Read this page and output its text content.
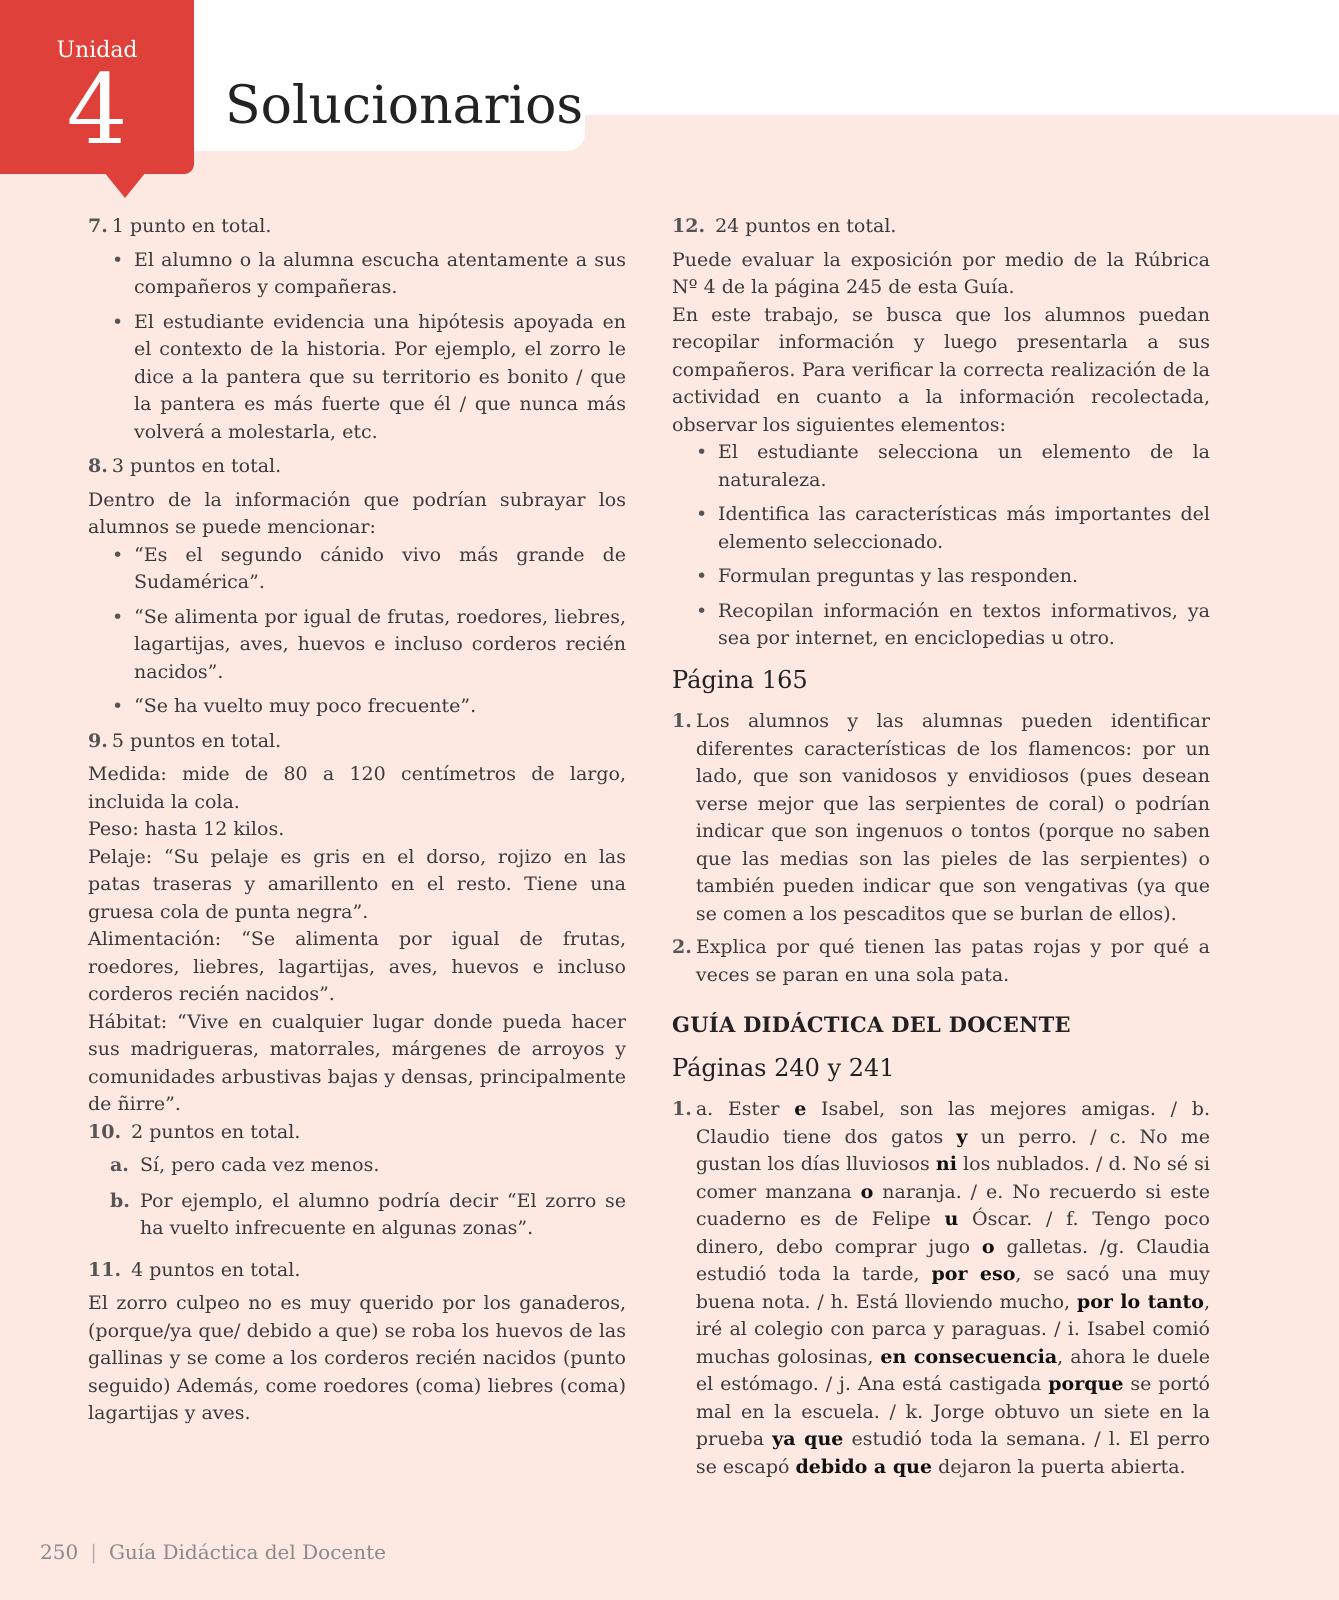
Unidad
4	Solucionarios
7. 1 punto en total.
• El alumno o la alumna escucha atentamente a sus compañeros y compañeras.
• El estudiante evidencia una hipótesis apoyada en el contexto de la historia. Por ejemplo, el zorro le dice a la pantera que su territorio es bonito / que la pantera es más fuerte que él / que nunca más volverá a molestarla, etc.
8. 3 puntos en total.

Dentro de la información que podrían subrayar los alumnos se puede mencionar:

• “Es el segundo cánido vivo más grande de Sudamérica”.
• “Se alimenta por igual de frutas, roedores, liebres, lagartijas, aves, huevos e incluso corderos recién nacidos”.
• “Se ha vuelto muy poco frecuente”.
9. 5 puntos en total.

Medida: mide de 80 a 120 centímetros de largo, incluida la cola.

Peso: hasta 12 kilos.

Pelaje: “Su pelaje es gris en el dorso, rojizo en las patas traseras y amarillento en el resto. Tiene una gruesa cola de punta negra”.

Alimentación: “Se alimenta por igual de frutas, roedores, liebres, lagartijas, aves, huevos e incluso corderos recién nacidos”.

Hábitat: “Vive en cualquier lugar donde pueda hacer sus madrigueras, matorrales, márgenes de arroyos y comunidades arbustivas bajas y densas, principalmente de ñirre”.

10. 2 puntos en total.
a. Sí, pero cada vez menos.
b. Por ejemplo, el alumno podría decir “El zorro se ha vuelto infrecuente en algunas zonas”.
11. 4 puntos en total.

El zorro culpeo no es muy querido por los ganaderos, (porque/ya que/ debido a que) se roba los huevos de las gallinas y se come a los corderos recién nacidos (punto seguido) Además, come roedores (coma) liebres (coma) lagartijas y aves.

12. 24 puntos en total.

Puede evaluar la exposición por medio de la Rúbrica Nº 4 de la página 245 de esta Guía.

En este trabajo, se busca que los alumnos puedan recopilar información y luego presentarla a sus compañeros. Para verificar la correcta realización de la actividad en cuanto a la información recolectada, observar los siguientes elementos:

• El estudiante selecciona un elemento de la naturaleza.
• Identifica las características más importantes del elemento seleccionado.
• Formulan preguntas y las responden.
• Recopilan información en textos informativos, ya sea por internet, en enciclopedias u otro.
Página 165
1. Los alumnos y las alumnas pueden identificar diferentes características de los flamencos: por un lado, que son vanidosos y envidiosos (pues desean verse mejor que las serpientes de coral) o podrían indicar que son ingenuos o tontos (porque no saben que las medias son las pieles de las serpientes) o también pueden indicar que son vengativas (ya que se comen a los pescaditos que se burlan de ellos).
2. Explica por qué tienen las patas rojas y por qué a veces se paran en una sola pata.
GUÍA DIDÁCTICA DEL DOCENTE
Páginas 240 y 241
1. a. Ester e Isabel, son las mejores amigas. / b. Claudio tiene dos gatos y un perro. / c. No me gustan los días lluviosos ni los nublados. / d. No sé si comer manzana o naranja. / e. No recuerdo si este cuaderno es de Felipe u Óscar. / f. Tengo poco dinero, debo comprar jugo o galletas. /g. Claudia estudió toda la tarde, por eso, se sacó una muy buena nota. / h. Está lloviendo mucho, por lo tanto, iré al colegio con parca y paraguas. / i. Isabel comió muchas golosinas, en consecuencia, ahora le duele el estómago. / j. Ana está castigada porque se portó mal en la escuela. / k. Jorge obtuvo un siete en la prueba ya que estudió toda la semana. / l. El perro se escapó debido a que dejaron la puerta abierta.
250 | Guía Didáctica del Docente
